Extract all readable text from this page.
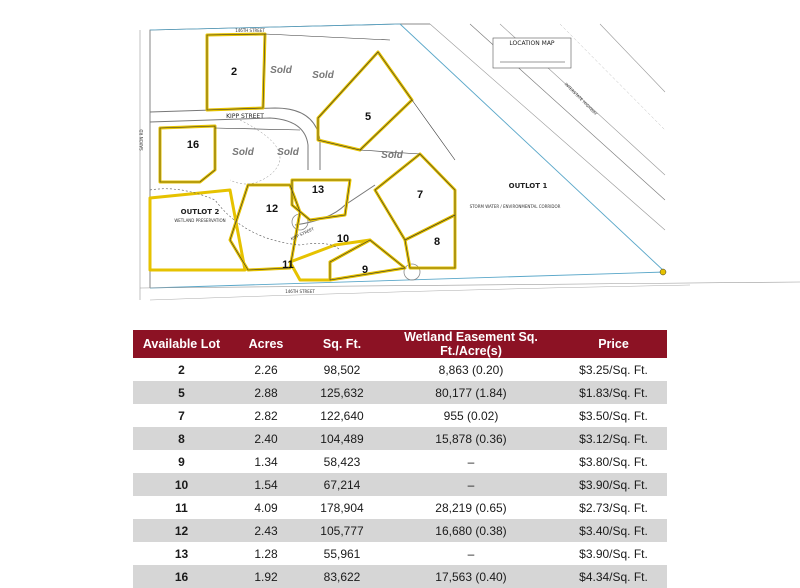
LOCATION MAP
2
5
7
8
9
10
11
12
13
16
Sold Sold
Sold Sold	Sold
KIPP STREET
KIPP STREET
OUTLOT 2
WETLAND PRESERVATION
OUTLOT 1
STORM WATER / ENVIRONMENTAL CORRIDOR
146TH STREET
146TH STREET
SAXON RD
INTERSTATE HIGHWAY
Available Lot	Acres	Sq. Ft.	Wetland Easement Sq. Ft./Acre(s)	Price
2	2.26	98,502	8,863 (0.20)	$3.25/Sq. Ft.
5	2.88	125,632	80,177 (1.84)	$1.83/Sq. Ft.
7	2.82	122,640	955 (0.02)	$3.50/Sq. Ft.
8	2.40	104,489	15,878 (0.36)	$3.12/Sq. Ft.
9	1.34	58,423	–	$3.80/Sq. Ft.
10	1.54	67,214	–	$3.90/Sq. Ft.
11	4.09	178,904	28,219 (0.65)	$2.73/Sq. Ft.
12	2.43	105,777	16,680 (0.38)	$3.40/Sq. Ft.
13	1.28	55,961	–	$3.90/Sq. Ft.
16	1.92	83,622	17,563 (0.40)	$4.34/Sq. Ft.
